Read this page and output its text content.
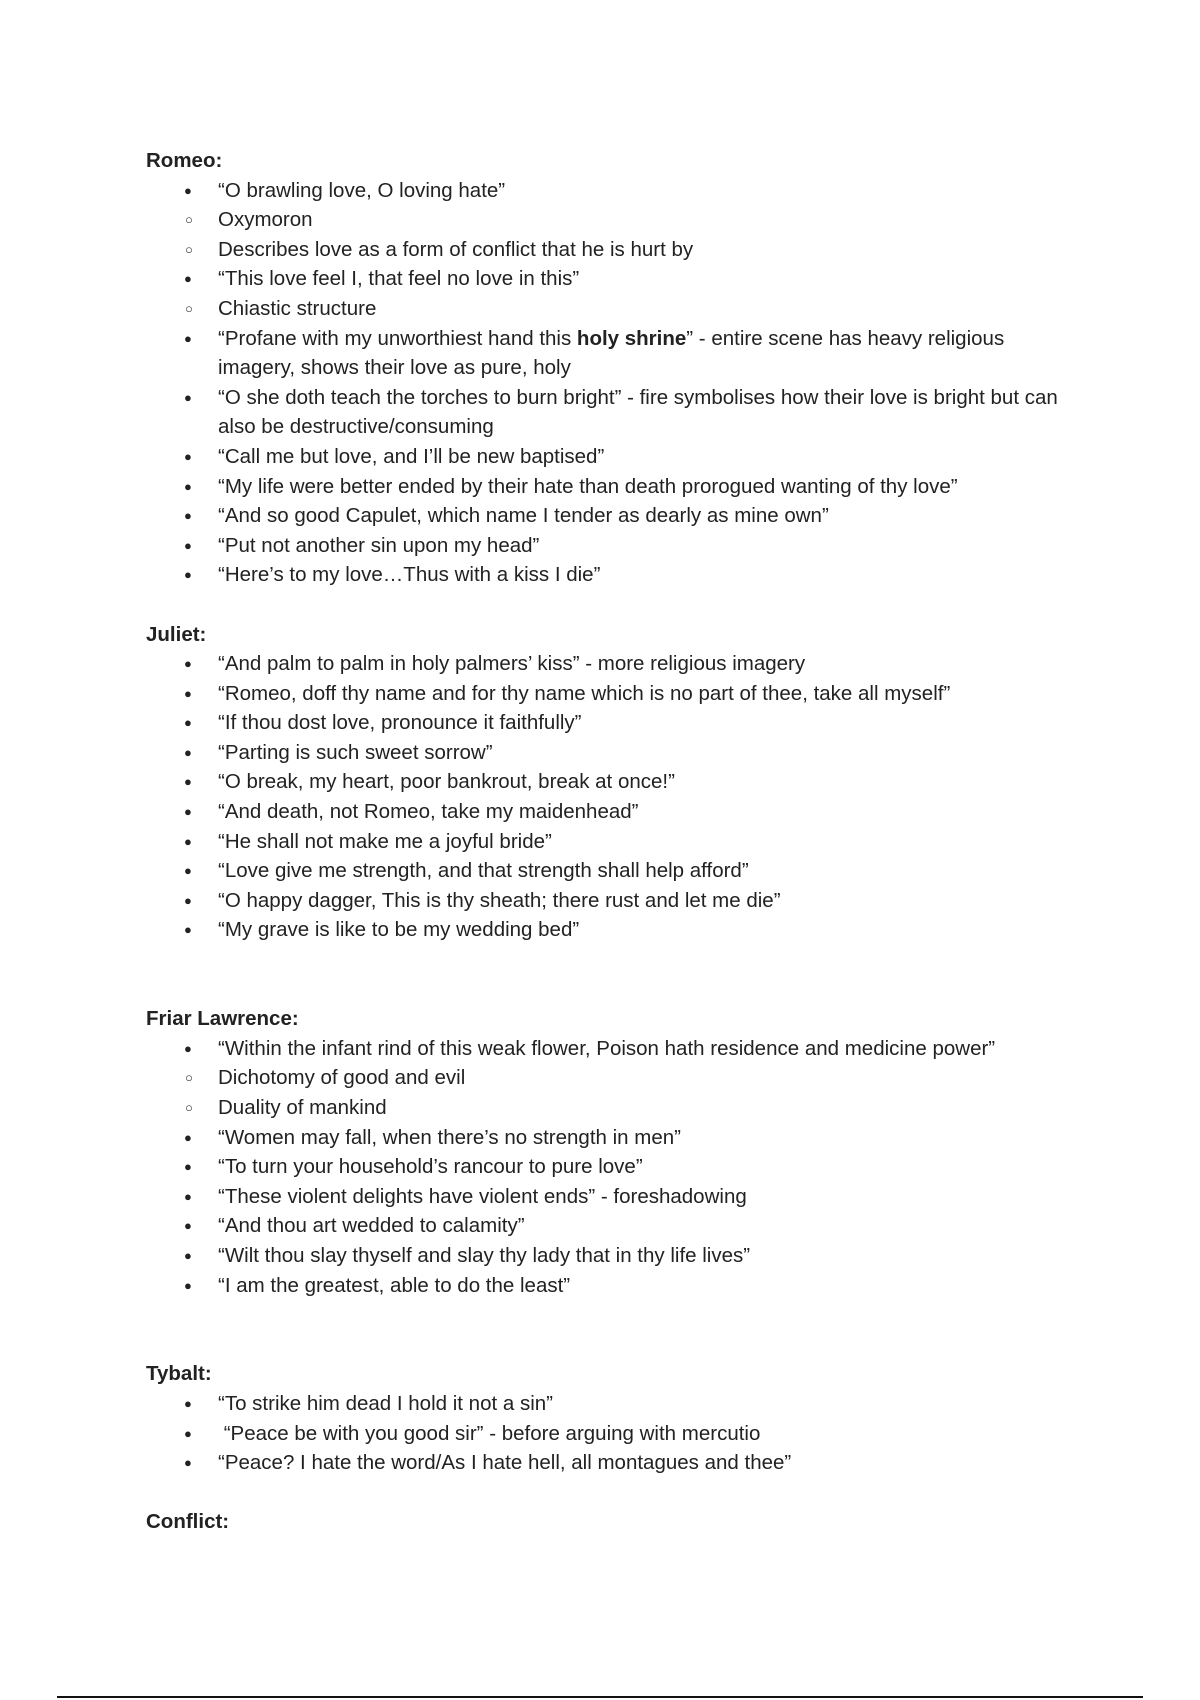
Romeo:
●
“O brawling love, O loving hate”
○
Oxymoron
○
Describes love as a form of conflict that he is hurt by
●
“This love feel I, that feel no love in this”
○
Chiastic structure
●
“Profane with my unworthiest hand this holy shrine” - entire scene has heavy religious imagery, shows their love as pure, holy
●
“O she doth teach the torches to burn bright” - fire symbolises how their love is bright but can also be destructive/consuming
●
“Call me but love, and I’ll be new baptised”
●
“My life were better ended by their hate than death prorogued wanting of thy love”
●
“And so good Capulet, which name I tender as dearly as mine own”
●
“Put not another sin upon my head”
●
“Here’s to my love…Thus with a kiss I die”
Juliet:
●
“And palm to palm in holy palmers’ kiss” - more religious imagery
●
“Romeo, doff thy name and for thy name which is no part of thee, take all myself”
●
“If thou dost love, pronounce it faithfully”
●
“Parting is such sweet sorrow”
●
“O break, my heart, poor bankrout, break at once!”
●
“And death, not Romeo, take my maidenhead”
●
“He shall not make me a joyful bride”
●
“Love give me strength, and that strength shall help afford”
●
“O happy dagger, This is thy sheath; there rust and let me die”
●
“My grave is like to be my wedding bed”
Friar Lawrence:
●
“Within the infant rind of this weak flower, Poison hath residence and medicine power”
○
Dichotomy of good and evil
○
Duality of mankind
●
“Women may fall, when there’s no strength in men”
●
“To turn your household’s rancour to pure love”
●
“These violent delights have violent ends” - foreshadowing
●
“And thou art wedded to calamity”
●
“Wilt thou slay thyself and slay thy lady that in thy life lives”
●
“I am the greatest, able to do the least”
Tybalt:
●
“To strike him dead I hold it not a sin”
●
“Peace be with you good sir” - before arguing with mercutio
●
“Peace? I hate the word/As I hate hell, all montagues and thee”
Conflict:
